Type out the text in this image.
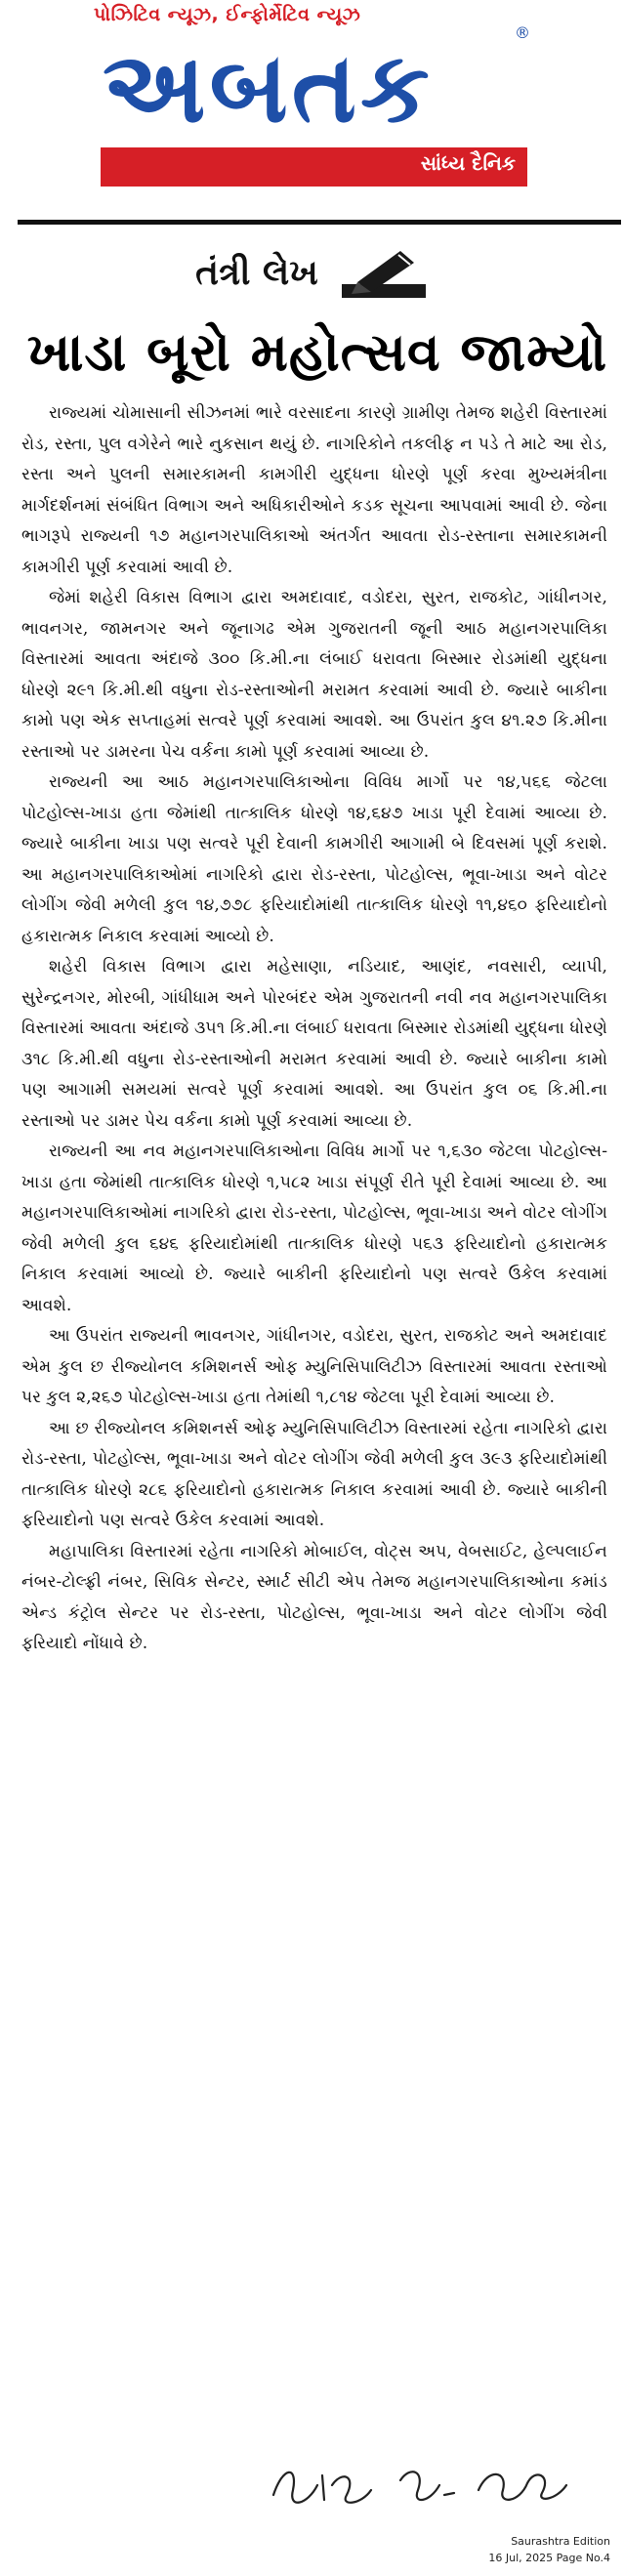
પોઝિટિવ ન્યૂઝ, ઈન્ફોર્મેટિવ ન્યૂઝ
અબતક	®
સાંધ્ય દૈનિક
તંત્રી લેખ
ખાડા બૂરો મહોત્સવ જામ્યો

રાજ્યમાં ચોમાસાની સીઝનમાં ભારે વરસાદના કારણે ગ્રામીણ તેમજ શહેરી વિસ્તારમાં રોડ, રસ્તા, પુલ વગેરેને ભારે નુકસાન થયું છે. નાગરિકોને તકલીફ ન પડે તે માટે આ રોડ, રસ્તા અને પુલની સમારકામની કામગીરી યુદ્ધના ધોરણે પૂર્ણ કરવા મુખ્યમંત્રીના માર્ગદર્શનમાં સંબંધિત વિભાગ અને અધિકારીઓને કડક સૂચના આપવામાં આવી છે. જેના ભાગરૂપે રાજ્યની ૧૭ મહાનગરપાલિકાઓ અંતર્ગત આવતા રોડ-રસ્તાના સમારકામની કામગીરી પૂર્ણ કરવામાં આવી છે.

જેમાં શહેરી વિકાસ વિભાગ દ્વારા અમદાવાદ, વડોદરા, સુરત, રાજકોટ, ગાંધીનગર, ભાવનગર, જામનગર અને જૂનાગઢ એમ ગુજરાતની જૂની આઠ મહાનગરપાલિકા વિસ્તારમાં આવતા અંદાજે ૩૦૦ કિ.મી.ના લંબાઈ ધરાવતા બિસ્માર રોડમાંથી યુદ્ધના ધોરણે ૨૯૧ કિ.મી.થી વધુના રોડ-રસ્તાઓની મરામત કરવામાં આવી છે. જ્યારે બાકીના કામો પણ એક સપ્તાહમાં સત્વરે પૂર્ણ કરવામાં આવશે. આ ઉપરાંત કુલ ૪૧.૨૭ કિ.મીના રસ્તાઓ પર ડામરના પેચ વર્કના કામો પૂર્ણ કરવામાં આવ્યા છે.

રાજ્યની આ આઠ મહાનગરપાલિકાઓના વિવિધ માર્ગો પર ૧૪,૫૬૬ જેટલા પોટહોલ્સ-ખાડા હતા જેમાંથી તાત્કાલિક ધોરણે ૧૪,૬૪૭ ખાડા પૂરી દેવામાં આવ્યા છે. જ્યારે બાકીના ખાડા પણ સત્વરે પૂરી દેવાની કામગીરી આગામી બે દિવસમાં પૂર્ણ કરાશે. આ મહાનગરપાલિકાઓમાં નાગરિકો દ્વારા રોડ-રસ્તા, પોટહોલ્સ, ભૂવા-ખાડા અને વોટર લોગીંગ જેવી મળેલી કુલ ૧૪,૭૭૮ ફરિયાદોમાંથી તાત્કાલિક ધોરણે ૧૧,૪૬૦ ફરિયાદોનો હકારાત્મક નિકાલ કરવામાં આવ્યો છે.

શહેરી વિકાસ વિભાગ દ્વારા મહેસાણા, નડિયાદ, આણંદ, નવસારી, વ્યાપી, સુરેન્દ્રનગર, મોરબી, ગાંધીધામ અને પોરબંદર એમ ગુજરાતની નવી નવ મહાનગરપાલિકા વિસ્તારમાં આવતા અંદાજે ૩૫૧ કિ.મી.ના લંબાઈ ધરાવતા બિસ્માર રોડમાંથી યુદ્ધના ધોરણે ૩૧૮ કિ.મી.થી વધુના રોડ-રસ્તાઓની મરામત કરવામાં આવી છે. જ્યારે બાકીના કામો પણ આગામી સમયમાં સત્વરે પૂર્ણ કરવામાં આવશે. આ ઉપરાંત કુલ ૦૬ કિ.મી.ના રસ્તાઓ પર ડામર પેચ વર્કના કામો પૂર્ણ કરવામાં આવ્યા છે.

રાજ્યની આ નવ મહાનગરપાલિકાઓના વિવિધ માર્ગો પર ૧,૬૩૦ જેટલા પોટહોલ્સ-ખાડા હતા જેમાંથી તાત્કાલિક ધોરણે ૧,૫૮૨ ખાડા સંપૂર્ણ રીતે પૂરી દેવામાં આવ્યા છે. આ મહાનગરપાલિકાઓમાં નાગરિકો દ્વારા રોડ-રસ્તા, પોટહોલ્સ, ભૂવા-ખાડા અને વોટર લોગીંગ જેવી મળેલી કુલ ૬૪૬ ફરિયાદોમાંથી તાત્કાલિક ધોરણે ૫૬૩ ફરિયાદોનો હકારાત્મક નિકાલ કરવામાં આવ્યો છે. જ્યારે બાકીની ફરિયાદોનો પણ સત્વરે ઉકેલ કરવામાં આવશે.

આ ઉપરાંત રાજ્યની ભાવનગર, ગાંધીનગર, વડોદરા, સુરત, રાજકોટ અને અમદાવાદ એમ કુલ છ રીજ્યોનલ કમિશનર્સ ઓફ મ્યુનિસિપાલિટીઝ વિસ્તારમાં આવતા રસ્તાઓ પર કુલ ૨,૨૬૭ પોટહોલ્સ-ખાડા હતા તેમાંથી ૧,૮૧૪ જેટલા પૂરી દેવામાં આવ્યા છે.

આ છ રીજ્યોનલ કમિશનર્સ ઓફ મ્યુનિસિપાલિટીઝ વિસ્તારમાં રહેતા નાગરિકો દ્વારા રોડ-રસ્તા, પોટહોલ્સ, ભૂવા-ખાડા અને વોટર લોગીંગ જેવી મળેલી કુલ ૩૯૩ ફરિયાદોમાંથી તાત્કાલિક ધોરણે ૨૮૬ ફરિયાદોનો હકારાત્મક નિકાલ કરવામાં આવી છે. જ્યારે બાકીની ફરિયાદોનો પણ સત્વરે ઉકેલ કરવામાં આવશે.

મહાપાલિકા વિસ્તારમાં રહેતા નાગરિકો મોબાઈલ, વોટ્સ અપ, વેબસાઈટ, હેલ્પલાઈન નંબર-ટોલ્ફ્રી નંબર, સિવિક સેન્ટર, સ્માર્ટ સીટી એપ તેમજ મહાનગરપાલિકાઓના કમાંડ એન્ડ કંટ્રોલ સેન્ટર પર રોડ-રસ્તા, પોટહોલ્સ, ભૂવા-ખાડા અને વોટર લોગીંગ જેવી ફરિયાદો નોંધાવે છે.

Saurashtra Edition
16 Jul, 2025 Page No.4
